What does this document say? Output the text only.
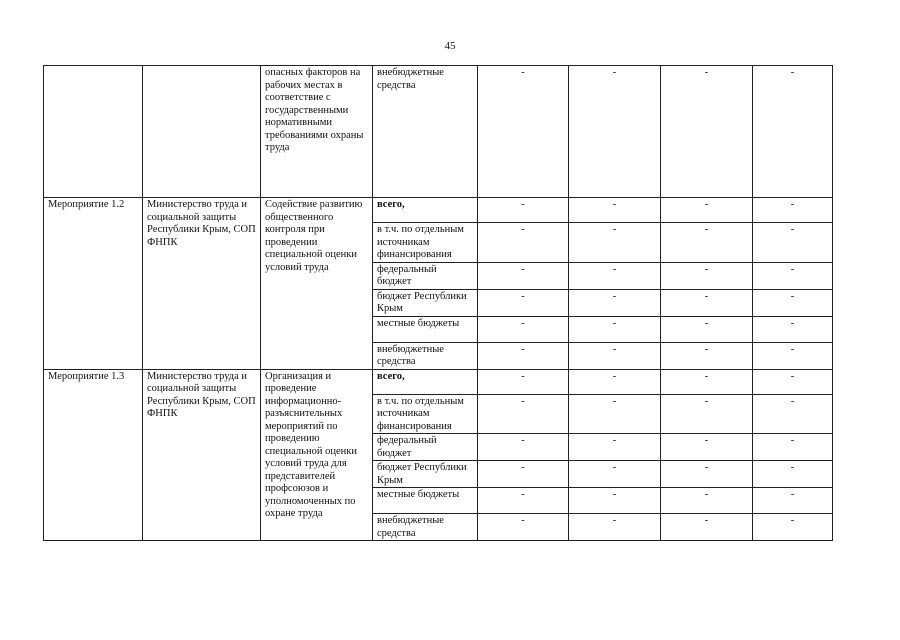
45
		опасных факторов на рабочих местах в соответствие с государственными нормативными требованиями охраны труда	внебюджетные средства	-	-	-	-
Мероприятие 1.2	Министерство труда и социальной защиты Республики Крым, СОП ФНПК	Содействие развитию общественного контроля при проведении специальной оценки условий труда	всего,	-	-	-	-
			в т.ч. по отдельным источникам финансирования	-	-	-	-
			федеральный бюджет	-	-	-	-
			бюджет Республики Крым	-	-	-	-
			местные бюджеты	-	-	-	-
			внебюджетные средства	-	-	-	-
Мероприятие 1.3	Министерство труда и социальной защиты Республики Крым, СОП ФНПК	Организация и проведение информационно-разъяснительных мероприятий по проведению специальной оценки условий труда для представителей профсоюзов и уполномоченных по охране труда	всего,	-	-	-	-
			в т.ч. по отдельным источникам финансирования	-	-	-	-
			федеральный бюджет	-	-	-	-
			бюджет Республики Крым	-	-	-	-
			местные бюджеты	-	-	-	-
			внебюджетные средства	-	-	-	-
